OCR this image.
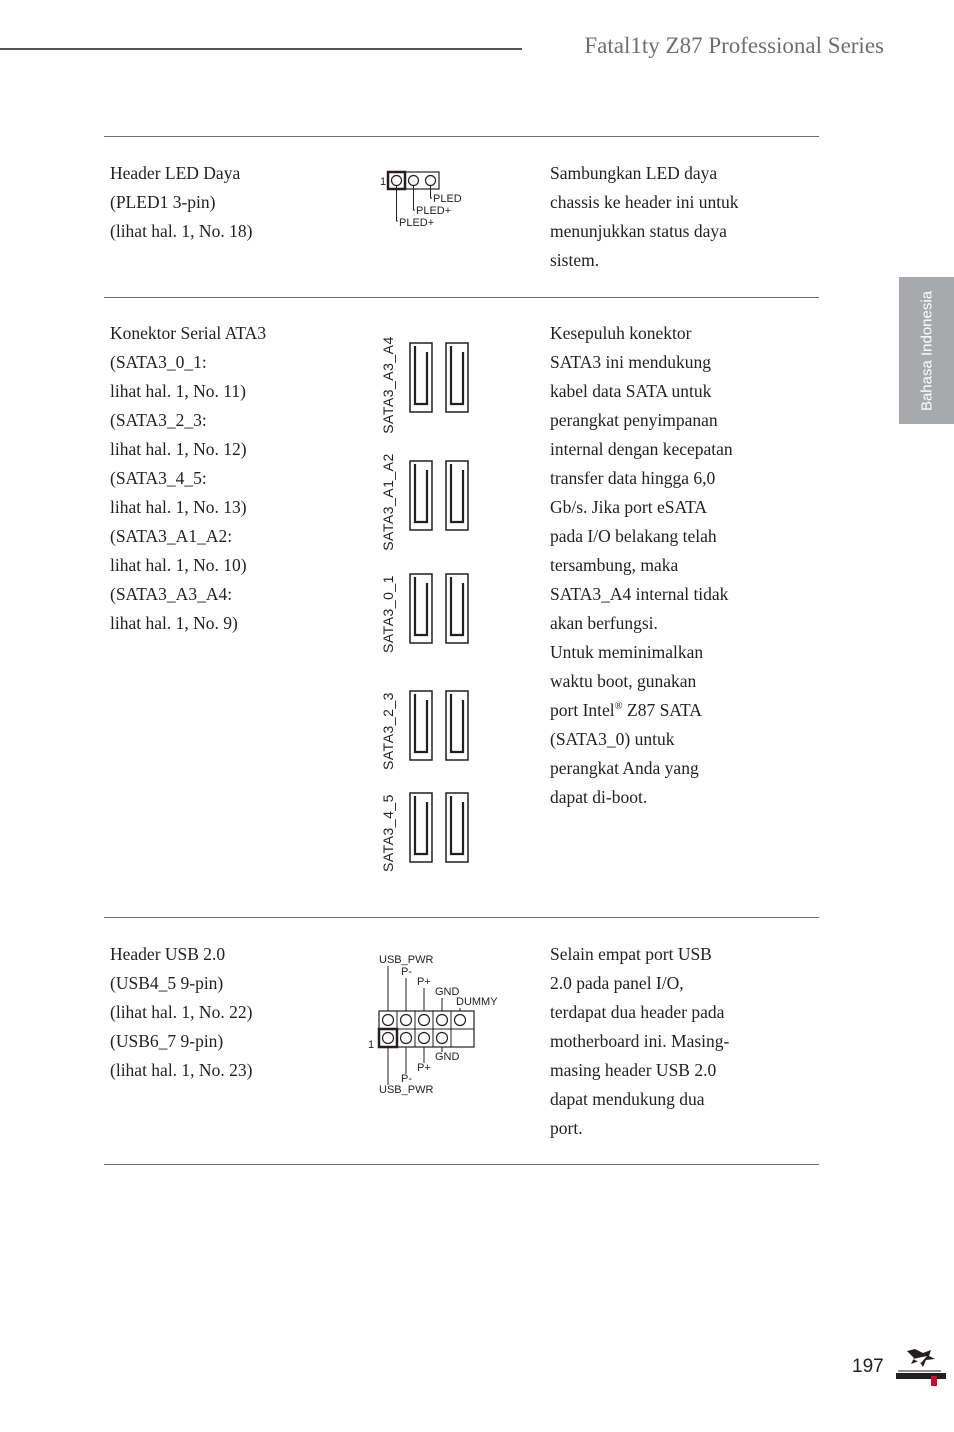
Fatal1ty Z87 Professional Series
Bahasa Indonesia
Header LED Daya
(PLED1 3-pin)
(lihat hal. 1, No. 18)
1
PLED
PLED+
PLED+
Sambungkan LED daya
chassis ke header ini untuk
menunjukkan status daya
sistem.
Konektor Serial ATA3
(SATA3_0_1:
lihat hal. 1, No. 11)
(SATA3_2_3:
lihat hal. 1, No. 12)
(SATA3_4_5:
lihat hal. 1, No. 13)
(SATA3_A1_A2:
lihat hal. 1, No. 10)
(SATA3_A3_A4:
lihat hal. 1, No. 9)
SATA3_A3_A4
SATA3_A1_A2
SATA3_0_1
SATA3_2_3
SATA3_4_5
Kesepuluh konektor
SATA3 ini mendukung
kabel data SATA untuk
perangkat penyimpanan
internal dengan kecepatan
transfer data hingga 6,0
Gb/s. Jika port eSATA
pada I/O belakang telah
tersambung, maka
SATA3_A4 internal tidak
akan berfungsi.
Untuk meminimalkan
waktu boot, gunakan
port Intel® Z87 SATA
(SATA3_0) untuk
perangkat Anda yang
dapat di-boot.
Header USB 2.0
(USB4_5 9-pin)
(lihat hal. 1, No. 22)
(USB6_7 9-pin)
(lihat hal. 1, No. 23)
USB_PWR
P-
P+
GND
DUMMY
1
GND
P+
P-
USB_PWR
Selain empat port USB
2.0 pada panel I/O,
terdapat dua header pada
motherboard ini. Masing-
masing header USB 2.0
dapat mendukung dua
port.
197
